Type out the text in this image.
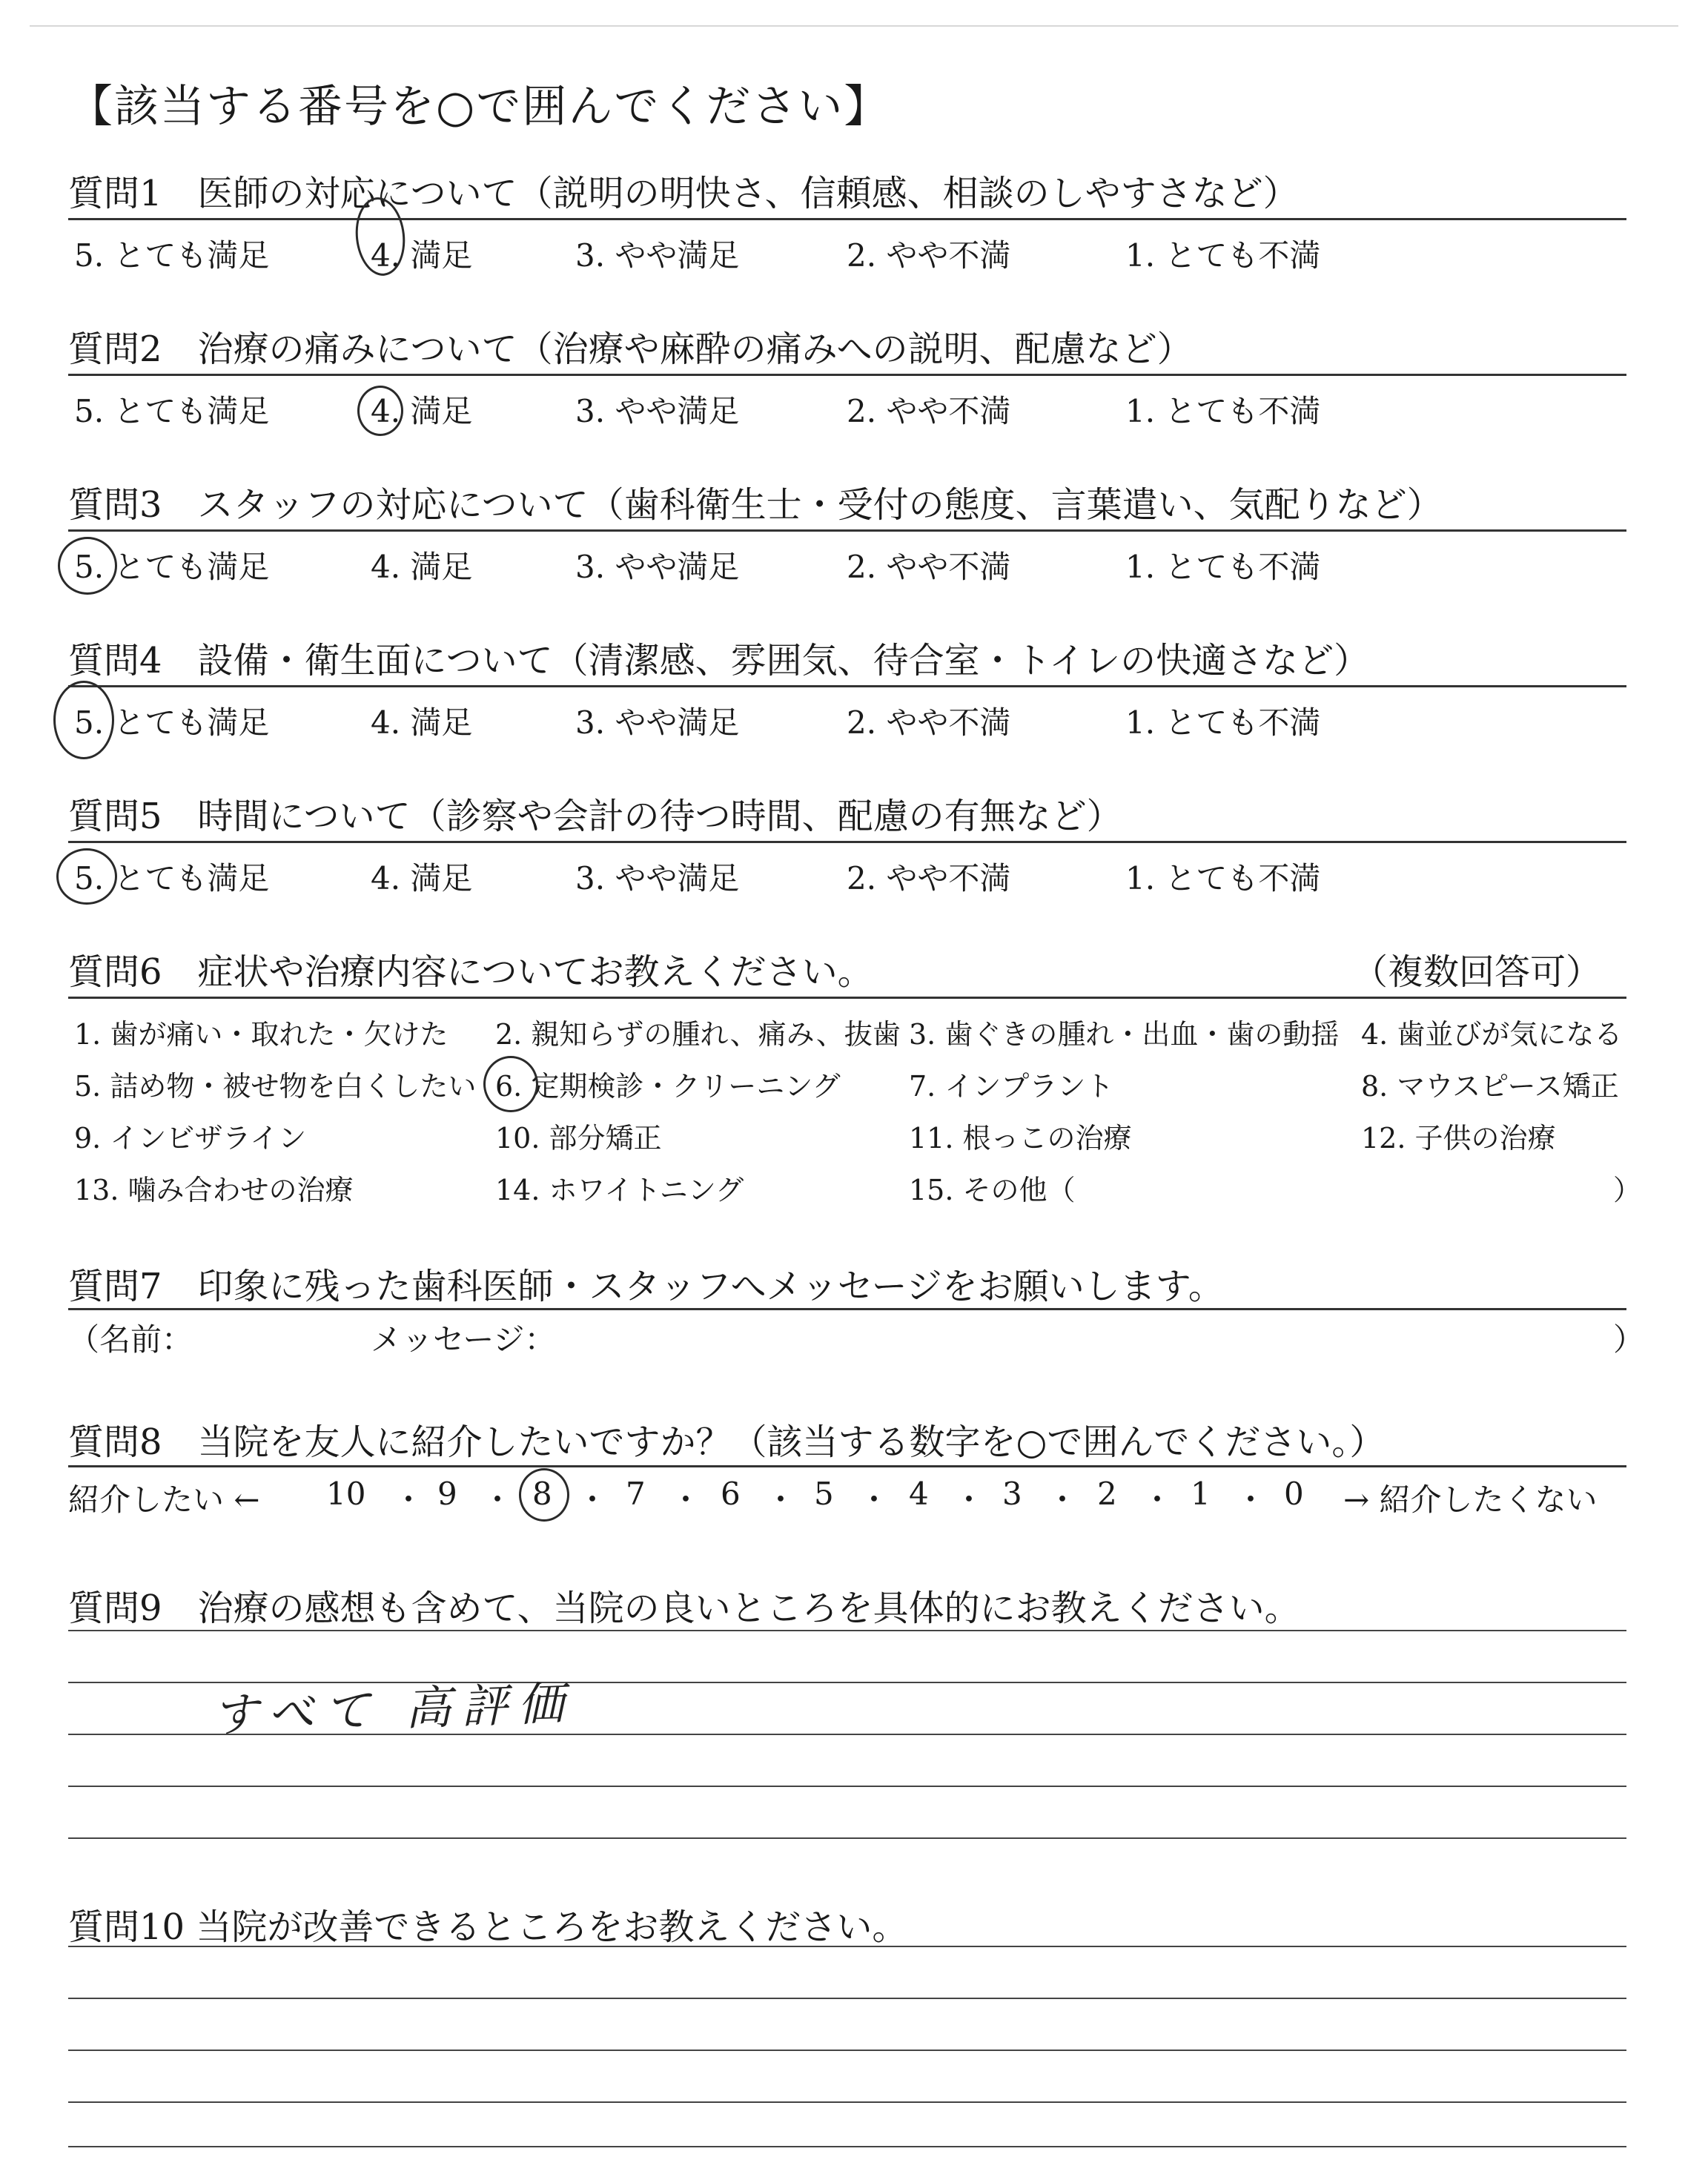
【該当する番号を○で囲んでください】
質問1　医師の対応について（説明の明快さ、信頼感、相談のしやすさなど）
5. とても満足	4. 満足	3. やや満足	2. やや不満	1. とても不満
質問2　治療の痛みについて（治療や麻酔の痛みへの説明、配慮など）
5. とても満足	4. 満足	3. やや満足	2. やや不満	1. とても不満
質問3　スタッフの対応について（歯科衛生士・受付の態度、言葉遣い、気配りなど）
5. とても満足	4. 満足	3. やや満足	2. やや不満	1. とても不満
質問4　設備・衛生面について（清潔感、雰囲気、待合室・トイレの快適さなど）
5. とても満足	4. 満足	3. やや満足	2. やや不満	1. とても不満
質問5　時間について（診察や会計の待つ時間、配慮の有無など）
5. とても満足	4. 満足	3. やや満足	2. やや不満	1. とても不満
質問6　症状や治療内容についてお教えください。	（複数回答可）
1. 歯が痛い・取れた・欠けた 2. 親知らずの腫れ、痛み、抜歯 3. 歯ぐきの腫れ・出血・歯の動揺 4. 歯並びが気になる
5. 詰め物・被せ物を白くしたい 6. 定期検診・クリーニング 7. インプラント	8. マウスピース矯正
9. インビザライン	10. 部分矯正	11. 根っこの治療	12. 子供の治療
13. 噛み合わせの治療	14. ホワイトニング	15. その他（	）
質問7　印象に残った歯科医師・スタッフへメッセージをお願いします。
（名前：	メッセージ：	）
質問8　当院を友人に紹介したいですか？（該当する数字を○で囲んでください。）
紹介したい ←	→ 紹介したくない
10 ・ 9 ・ 8 ・ 7 ・ 6 ・ 5 ・ 4 ・ 3 ・ 2 ・ 1 ・ 0
質問9　治療の感想も含めて、当院の良いところを具体的にお教えください。
すべて 高評価
質問10 当院が改善できるところをお教えください。
